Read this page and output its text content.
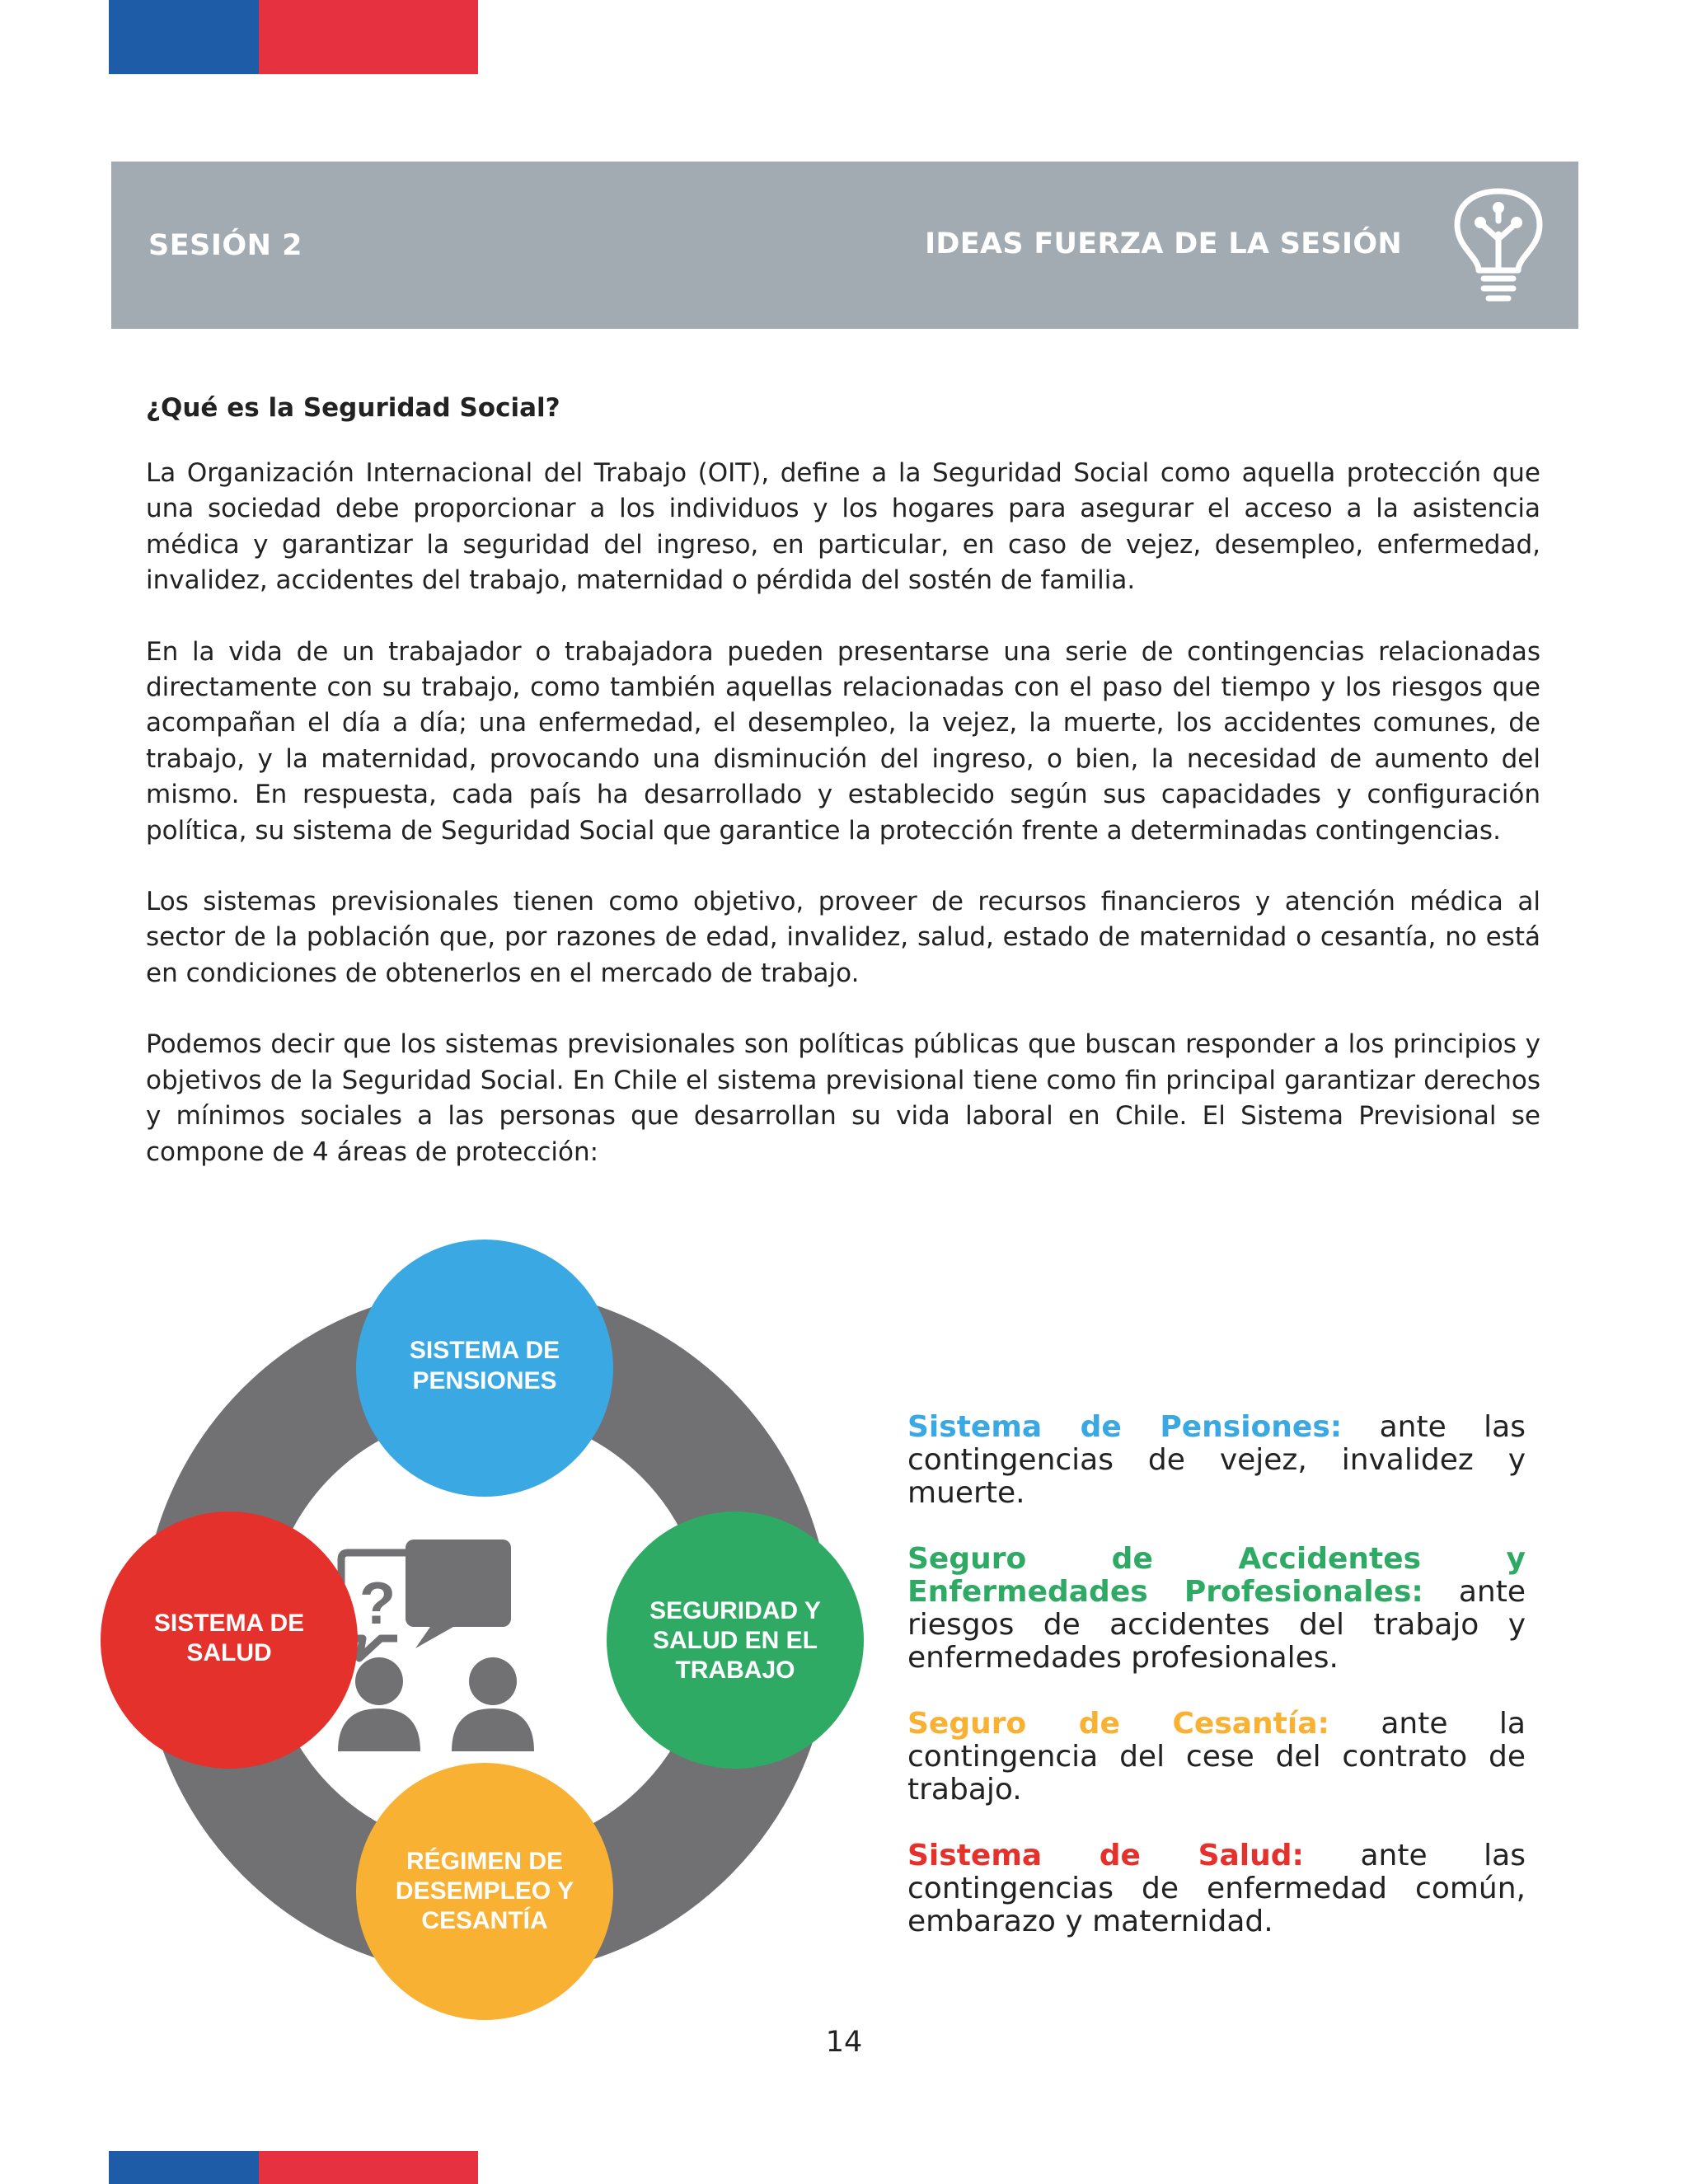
SESIÓN 2	IDEAS FUERZA DE LA SESIÓN
¿Qué es la Seguridad Social?

La Organización Internacional del Trabajo (OIT), define a la Seguridad Social como aquella protección que una sociedad debe proporcionar a los individuos y los hogares para asegurar el acceso a la asistencia médica y garantizar la seguridad del ingreso, en particular, en caso de vejez, desempleo, enfermedad, invalidez, accidentes del trabajo, maternidad o pérdida del sostén de familia.

En la vida de un trabajador o trabajadora pueden presentarse una serie de contingencias relacionadas directamente con su trabajo, como también aquellas relacionadas con el paso del tiempo y los riesgos que acompañan el día a día; una enfermedad, el desempleo, la vejez, la muerte, los accidentes comunes, de trabajo, y la maternidad, provocando una disminución del ingreso, o bien, la necesidad de aumento del mismo. En respuesta, cada país ha desarrollado y establecido según sus capacidades y configuración política, su sistema de Seguridad Social que garantice la protección frente a determinadas contingencias.

Los sistemas previsionales tienen como objetivo, proveer de recursos financieros y atención médica al sector de la población que, por razones de edad, invalidez, salud, estado de maternidad o cesantía, no está en condiciones de obtenerlos en el mercado de trabajo.

Podemos decir que los sistemas previsionales son políticas públicas que buscan responder a los principios y objetivos de la Seguridad Social. En Chile el sistema previsional tiene como fin principal garantizar derechos y mínimos sociales a las personas que desarrollan su vida laboral en Chile. El Sistema Previsional se compone de 4 áreas de protección:

?
SISTEMA DE
PENSIONES
SEGURIDAD Y
SALUD EN EL
TRABAJO
RÉGIMEN DE
DESEMPLEO Y
CESANTÍA
SISTEMA DE
SALUD

Sistema de Pensiones: ante las contingencias de vejez, invalidez y muerte.

Seguro de Accidentes y Enfermedades Profesionales: ante riesgos de accidentes del trabajo y enfermedades profesionales.

Seguro de Cesantía: ante la contingencia del cese del contrato de trabajo.

Sistema de Salud: ante las contingencias de enfermedad común, embarazo y maternidad.

14
